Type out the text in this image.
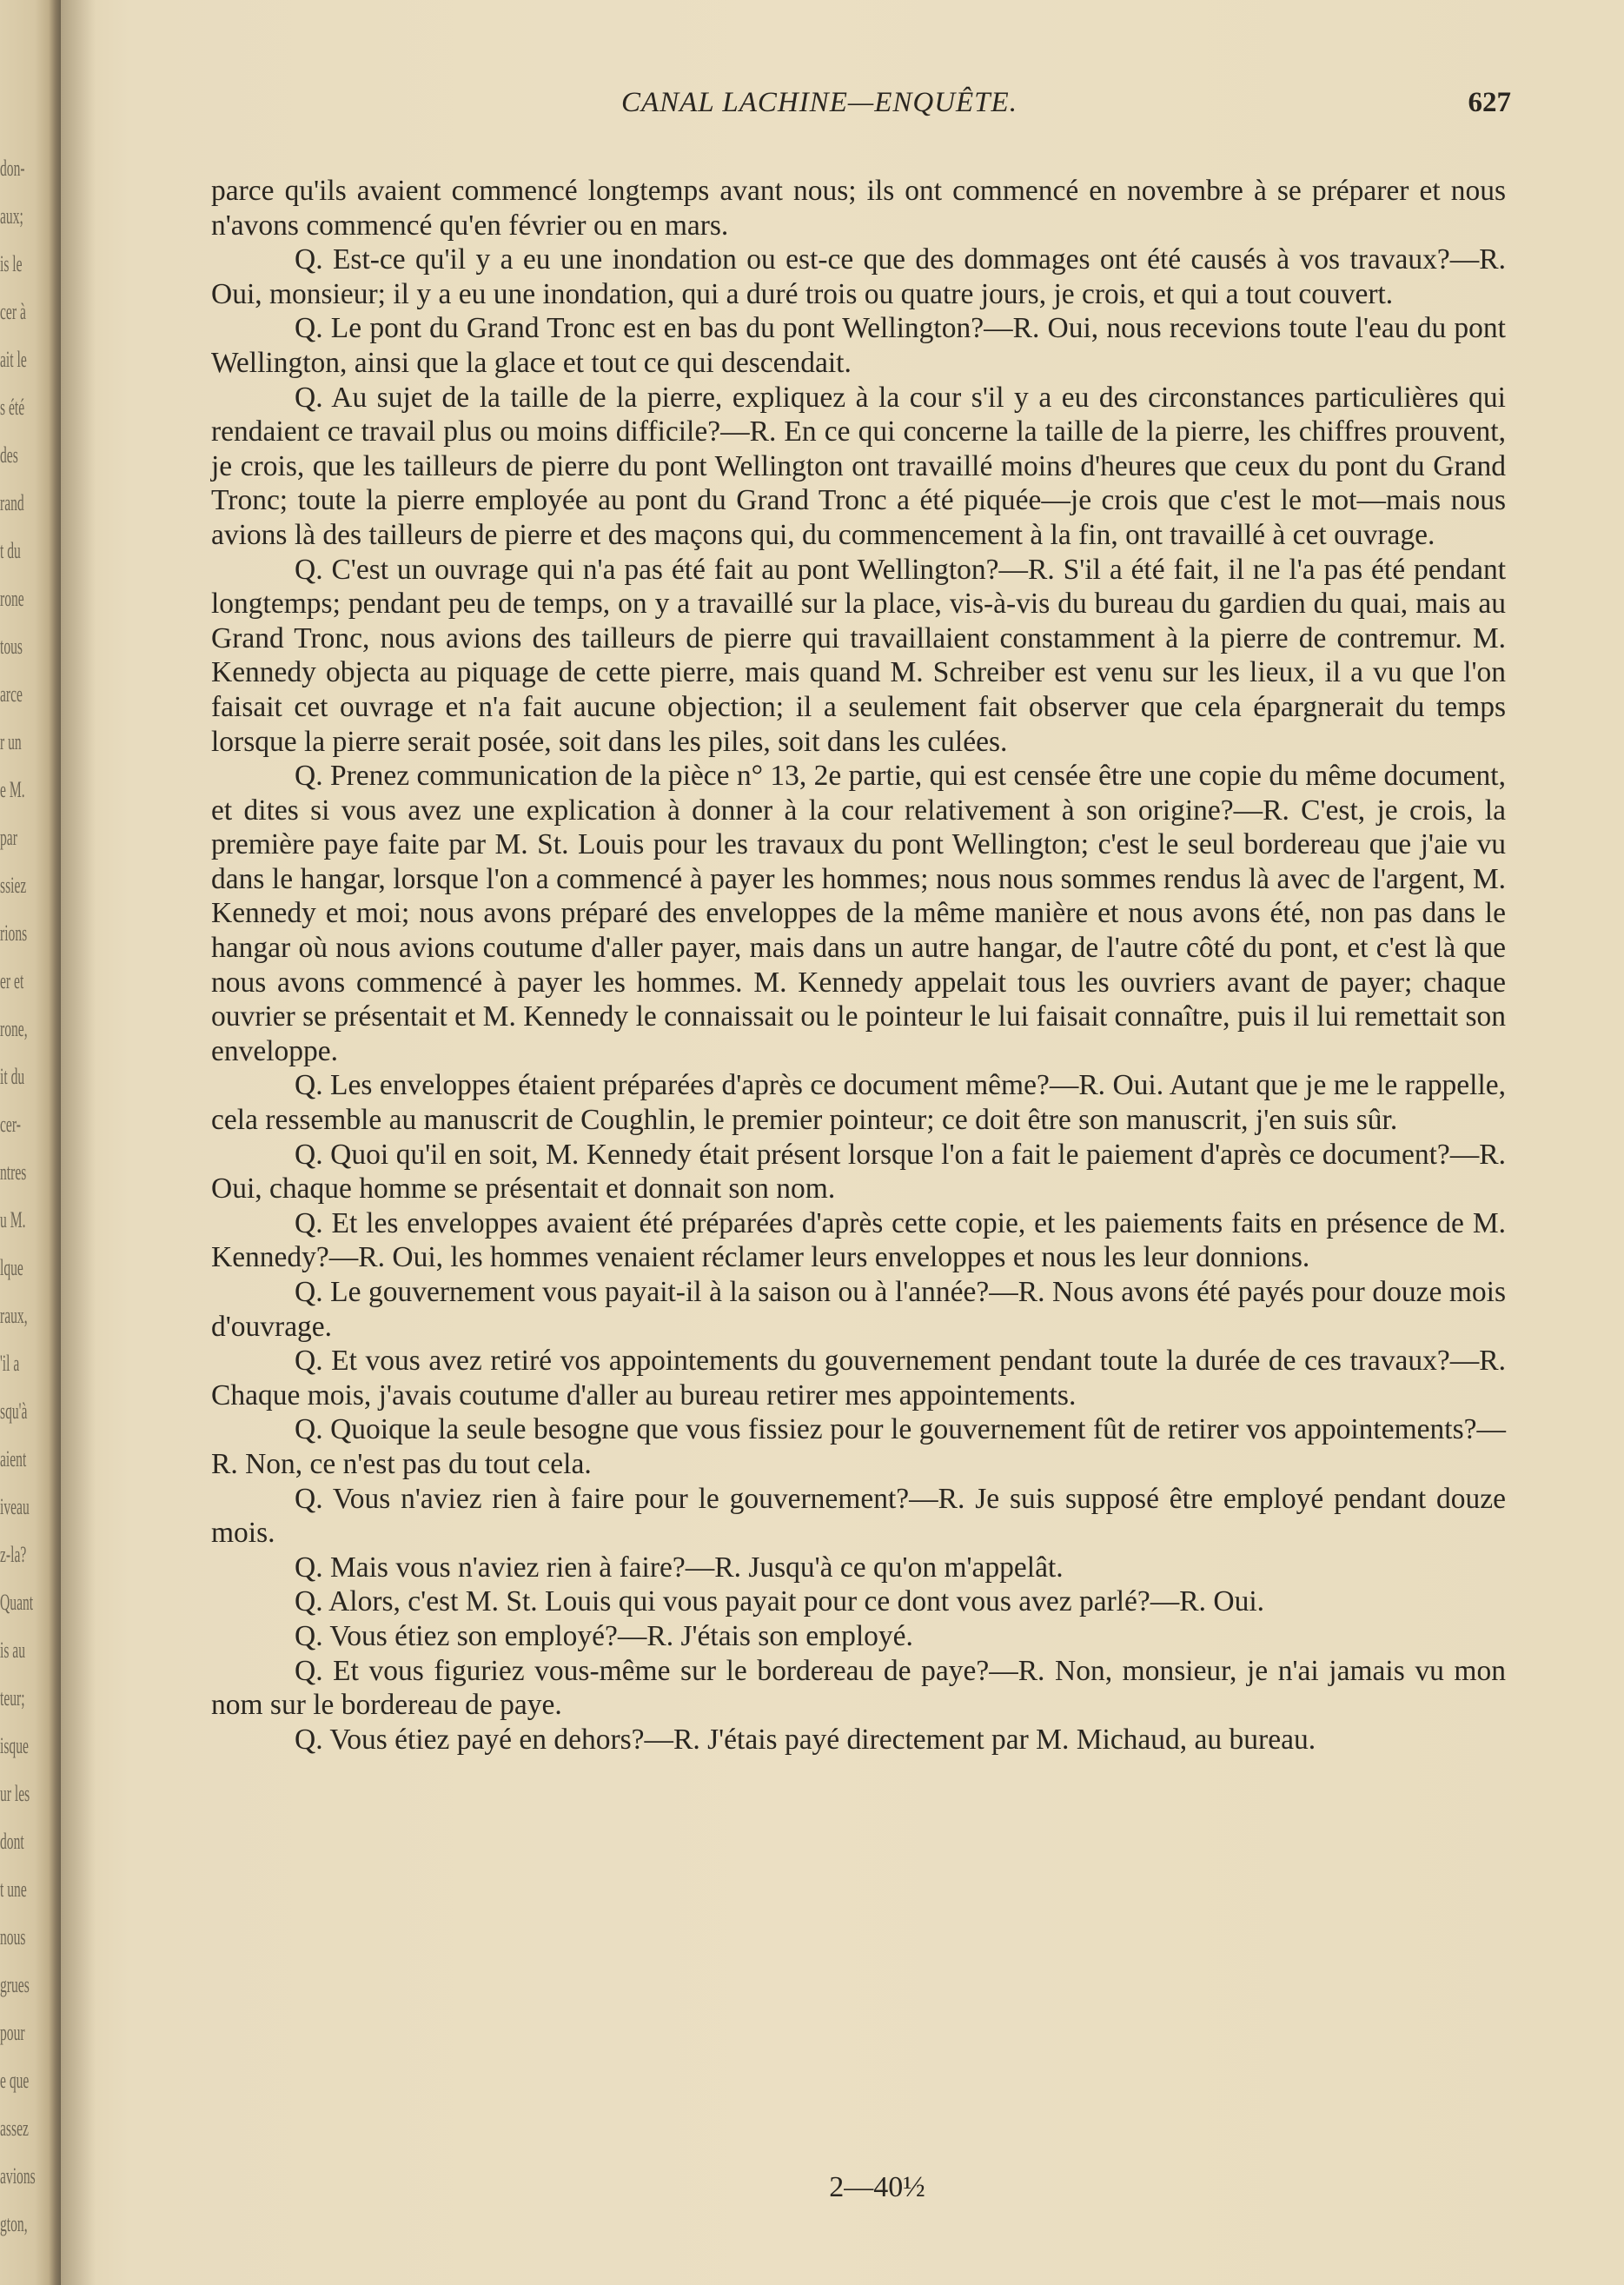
don-
aux;
is le
cer à
ait le
s été
des
rand
t du
rone
tous
arce
r un
e M.
par
ssiez
rions
er et
rone,
it du
cer-
ntres
u M.
lque
raux,
'il a
squ'à
aient
iveau
z-la?
Quant
is au
teur;
isque
ur les
dont
t une
nous
grues
pour
e que
assez
avions
gton,
CANAL LACHINE—ENQUÊTE.	627

parce qu'ils avaient commencé longtemps avant nous; ils ont commencé en novembre à se préparer et nous n'avons commencé qu'en février ou en mars.

Q. Est-ce qu'il y a eu une inondation ou est-ce que des dommages ont été causés à vos travaux?—R. Oui, monsieur; il y a eu une inondation, qui a duré trois ou quatre jours, je crois, et qui a tout couvert.

Q. Le pont du Grand Tronc est en bas du pont Wellington?—R. Oui, nous recevions toute l'eau du pont Wellington, ainsi que la glace et tout ce qui descendait.

Q. Au sujet de la taille de la pierre, expliquez à la cour s'il y a eu des circonstances particulières qui rendaient ce travail plus ou moins difficile?—R. En ce qui concerne la taille de la pierre, les chiffres prouvent, je crois, que les tailleurs de pierre du pont Wellington ont travaillé moins d'heures que ceux du pont du Grand Tronc; toute la pierre employée au pont du Grand Tronc a été piquée—je crois que c'est le mot—mais nous avions là des tailleurs de pierre et des maçons qui, du commencement à la fin, ont travaillé à cet ouvrage.

Q. C'est un ouvrage qui n'a pas été fait au pont Wellington?—R. S'il a été fait, il ne l'a pas été pendant longtemps; pendant peu de temps, on y a travaillé sur la place, vis-à-vis du bureau du gardien du quai, mais au Grand Tronc, nous avions des tailleurs de pierre qui travaillaient constamment à la pierre de contremur. M. Kennedy objecta au piquage de cette pierre, mais quand M. Schreiber est venu sur les lieux, il a vu que l'on faisait cet ouvrage et n'a fait aucune objection; il a seulement fait observer que cela épargnerait du temps lorsque la pierre serait posée, soit dans les piles, soit dans les culées.

Q. Prenez communication de la pièce n° 13, 2e partie, qui est censée être une copie du même document, et dites si vous avez une explication à donner à la cour relativement à son origine?—R. C'est, je crois, la première paye faite par M. St. Louis pour les travaux du pont Wellington; c'est le seul bordereau que j'aie vu dans le hangar, lorsque l'on a commencé à payer les hommes; nous nous sommes rendus là avec de l'argent, M. Kennedy et moi; nous avons préparé des enveloppes de la même manière et nous avons été, non pas dans le hangar où nous avions coutume d'aller payer, mais dans un autre hangar, de l'autre côté du pont, et c'est là que nous avons commencé à payer les hommes. M. Kennedy appelait tous les ouvriers avant de payer; chaque ouvrier se présentait et M. Kennedy le connaissait ou le pointeur le lui faisait connaître, puis il lui remettait son enveloppe.

Q. Les enveloppes étaient préparées d'après ce document même?—R. Oui. Autant que je me le rappelle, cela ressemble au manuscrit de Coughlin, le premier pointeur; ce doit être son manuscrit, j'en suis sûr.

Q. Quoi qu'il en soit, M. Kennedy était présent lorsque l'on a fait le paiement d'après ce document?—R. Oui, chaque homme se présentait et donnait son nom.

Q. Et les enveloppes avaient été préparées d'après cette copie, et les paiements faits en présence de M. Kennedy?—R. Oui, les hommes venaient réclamer leurs enveloppes et nous les leur donnions.

Q. Le gouvernement vous payait-il à la saison ou à l'année?—R. Nous avons été payés pour douze mois d'ouvrage.

Q. Et vous avez retiré vos appointements du gouvernement pendant toute la durée de ces travaux?—R. Chaque mois, j'avais coutume d'aller au bureau retirer mes appointements.

Q. Quoique la seule besogne que vous fissiez pour le gouvernement fût de retirer vos appointements?—R. Non, ce n'est pas du tout cela.

Q. Vous n'aviez rien à faire pour le gouvernement?—R. Je suis supposé être employé pendant douze mois.

Q. Mais vous n'aviez rien à faire?—R. Jusqu'à ce qu'on m'appelât.

Q. Alors, c'est M. St. Louis qui vous payait pour ce dont vous avez parlé?—R. Oui.

Q. Vous étiez son employé?—R. J'étais son employé.

Q. Et vous figuriez vous-même sur le bordereau de paye?—R. Non, monsieur, je n'ai jamais vu mon nom sur le bordereau de paye.

Q. Vous étiez payé en dehors?—R. J'étais payé directement par M. Michaud, au bureau.

2—40½
